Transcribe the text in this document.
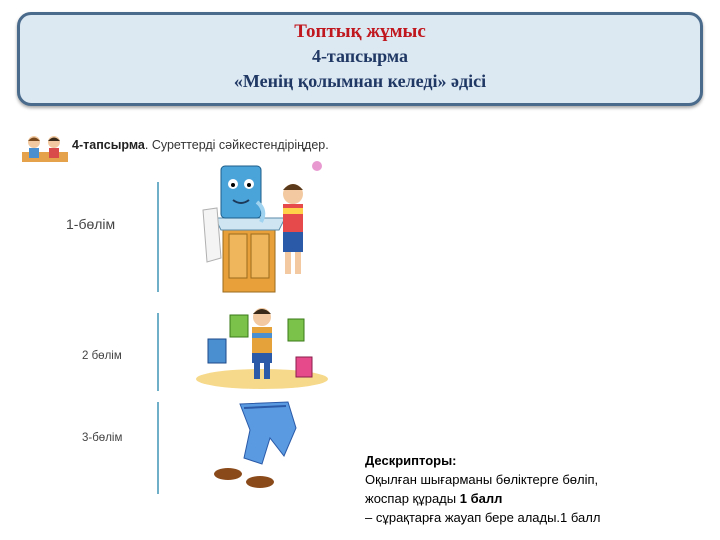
Топтық жұмыс
4-тапсырма
«Менің қолымнан келеді» әдісі
4-тапсырма. Суреттерді сәйкестендіріңдер.
1-бөлім
2 бөлім
3-бөлім
Дескрипторы:
Оқылған шығарманы бөліктерге бөліп,
жоспар құрады 1 балл
– сұрақтарға жауап бере алады.1 балл
